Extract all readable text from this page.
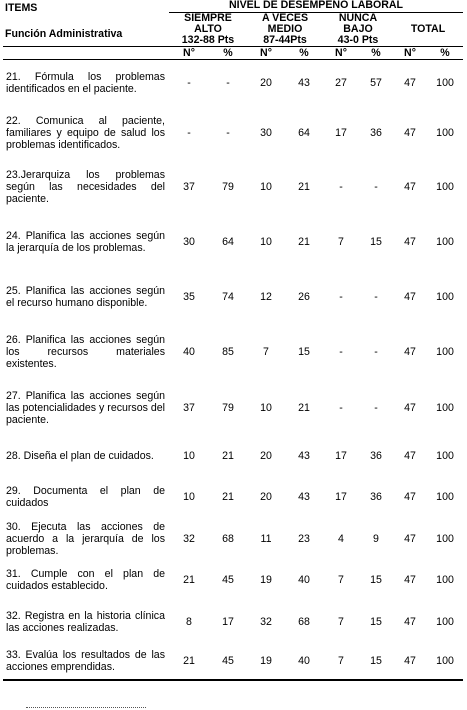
ITEMS	NIVEL DE DESEMPEÑO LABORAL							
	SIEMPRE		A VECES		NUNCA		TOTAL	
Función Administrativa	ALTO		MEDIO		BAJO			
	132-88 Pts		87-44Pts		43-0 Pts			
	N°	%	N°	%	N°	%	N°	%
21. Fórmula los problemas identificados en el paciente.	-	-	20	43	27	57	47	100
22. Comunica al paciente, familiares y equipo de salud los problemas identificados.	-	-	30	64	17	36	47	100
23.Jerarquiza los problemas según las necesidades del paciente.	37	79	10	21	-	-	47	100
24. Planifica las acciones según la jerarquía de los problemas.	30	64	10	21	7	15	47	100
25. Planifica las acciones según el recurso humano disponible.	35	74	12	26	-	-	47	100
26. Planifica las acciones según los recursos materiales existentes.	40	85	7	15	-	-	47	100
27. Planifica las acciones según las potencialidades y recursos del paciente.	37	79	10	21	-	-	47	100
28. Diseña el plan de cuidados.	10	21	20	43	17	36	47	100
29. Documenta el plan de cuidados	10	21	20	43	17	36	47	100
30. Ejecuta las acciones de acuerdo a la jerarquía de los problemas.	32	68	11	23	4	9	47	100
31. Cumple con el plan de cuidados establecido.	21	45	19	40	7	15	47	100
32. Registra en la historia clínica las acciones realizadas.	8	17	32	68	7	15	47	100
33. Evalúa los resultados de las acciones emprendidas.	21	45	19	40	7	15	47	100
